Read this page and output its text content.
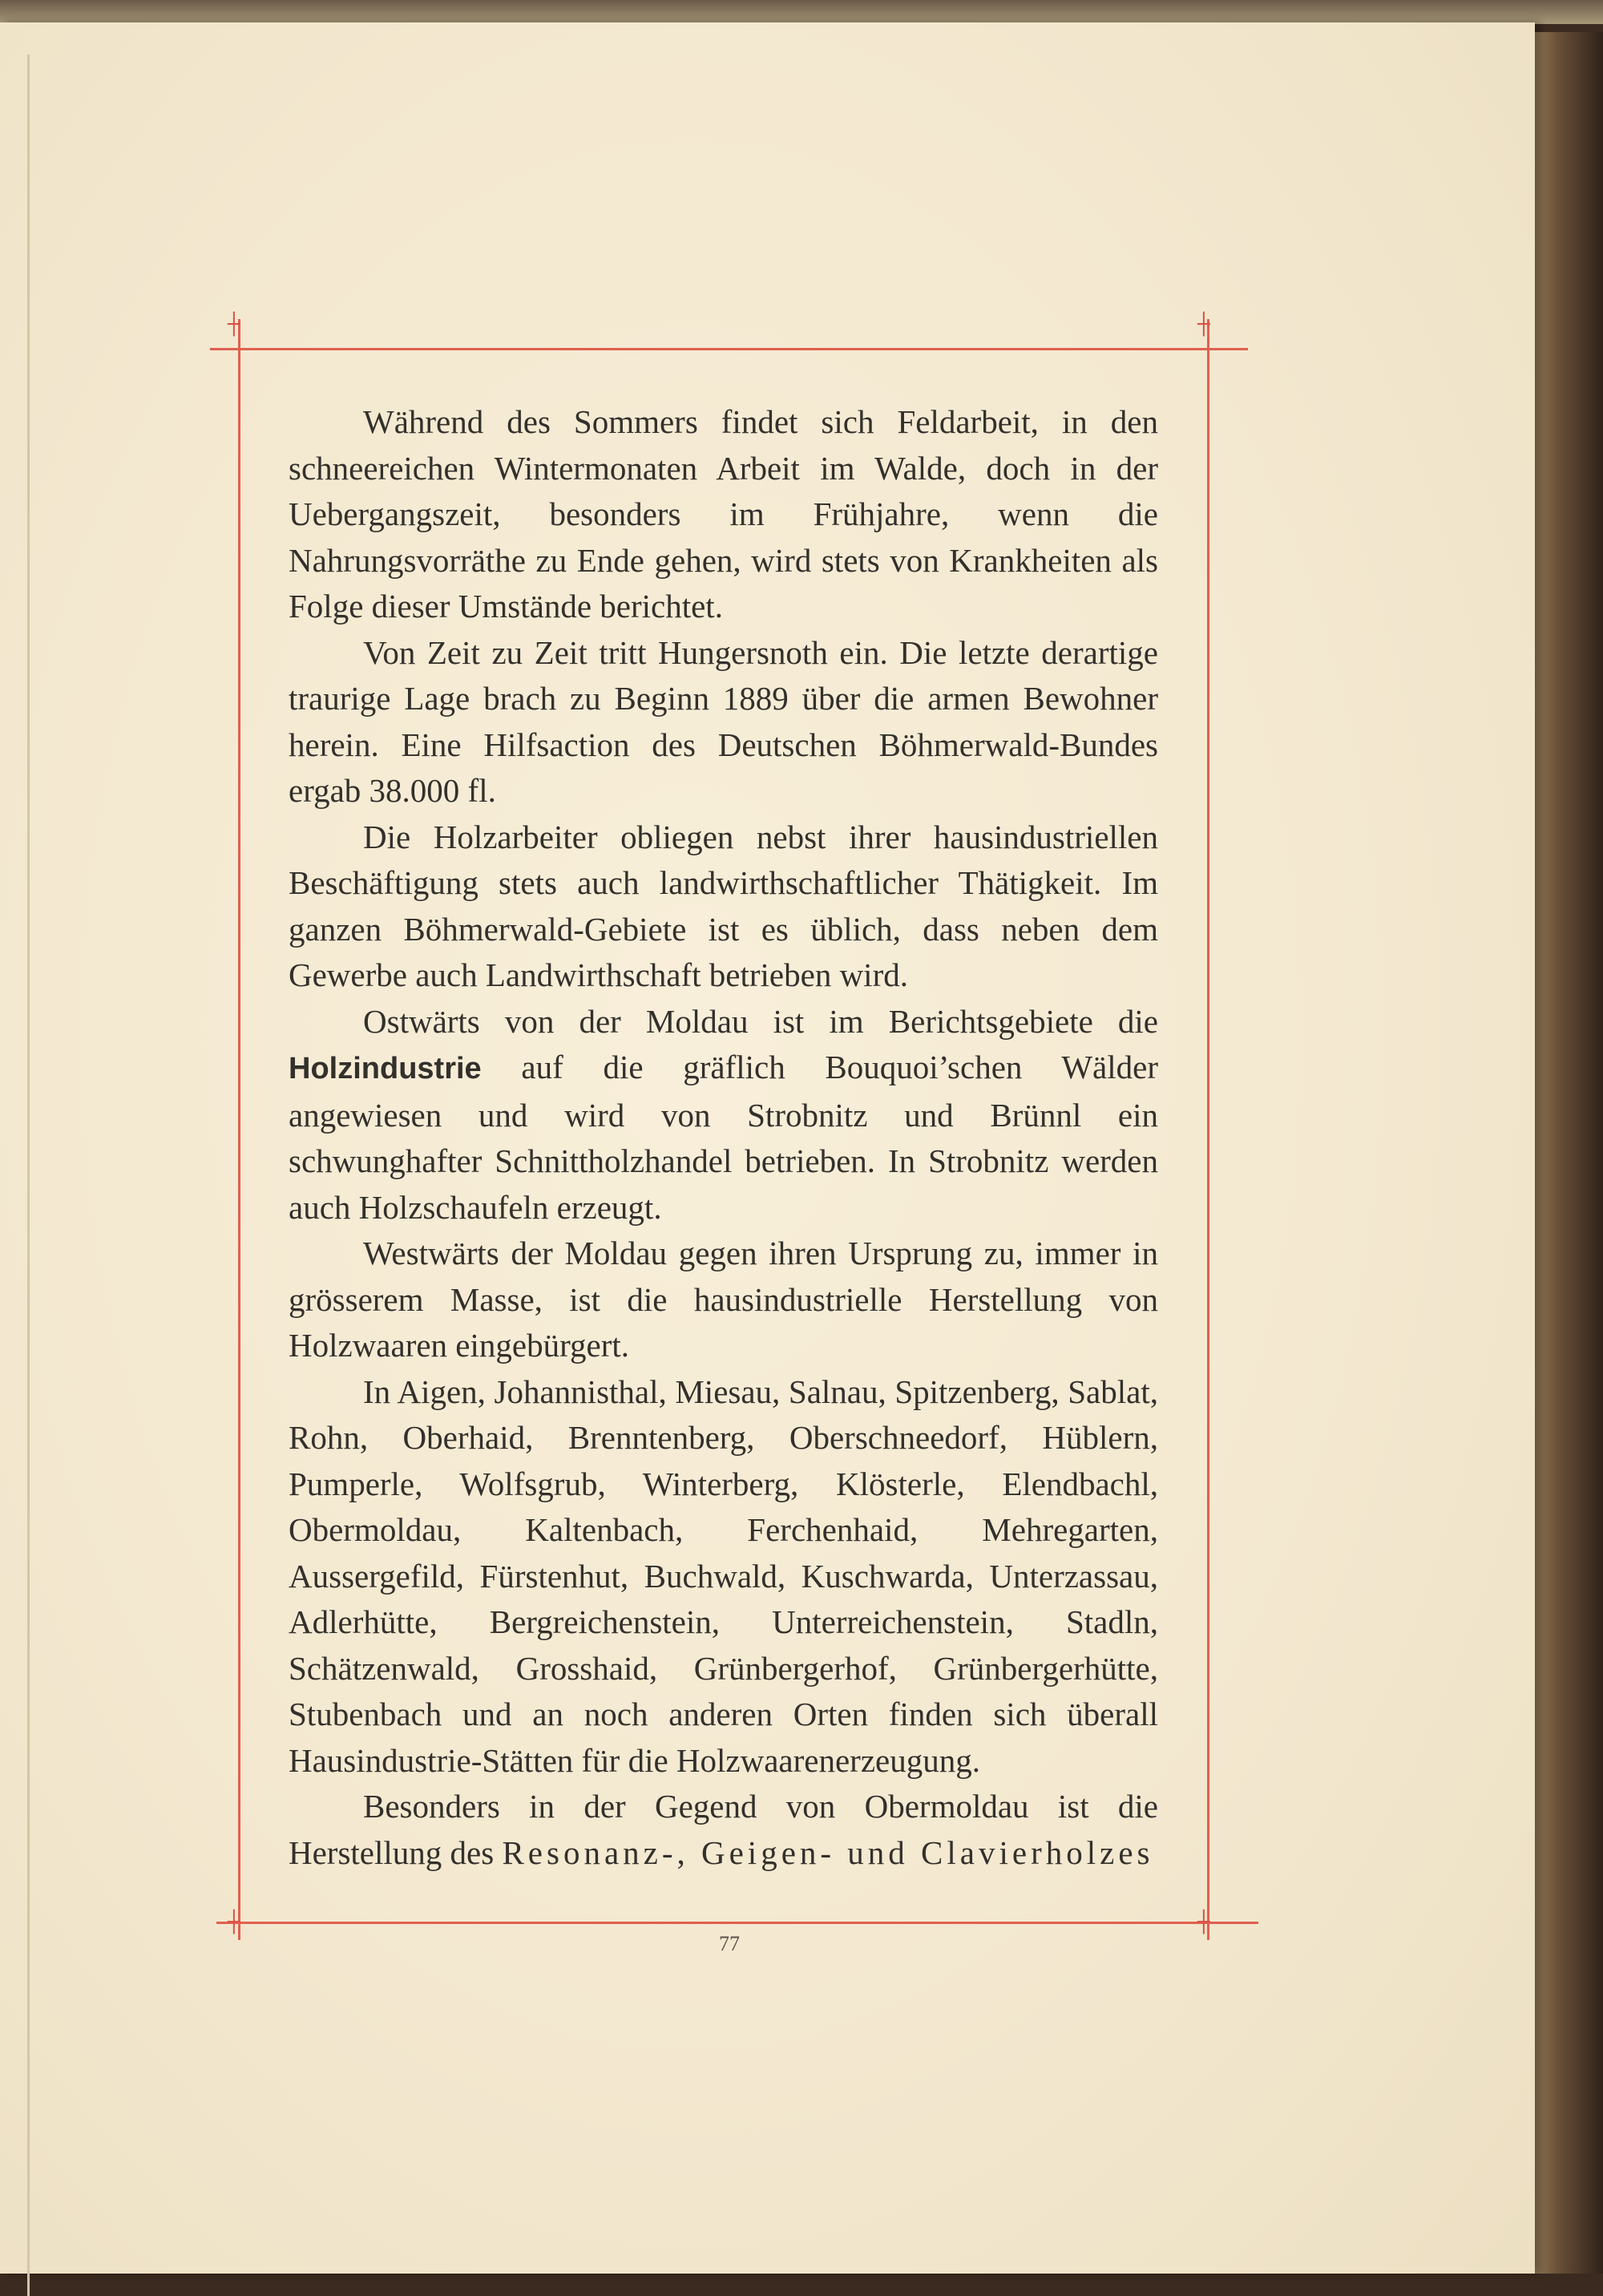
┼	┼
┼	┼

Während des Sommers findet sich Feldarbeit, in den schneereichen Wintermonaten Arbeit im Walde, doch in der Uebergangszeit, besonders im Frühjahre, wenn die Nahrungsvorräthe zu Ende gehen, wird stets von Krankheiten als Folge dieser Umstände berichtet.

Von Zeit zu Zeit tritt Hungersnoth ein. Die letzte derartige traurige Lage brach zu Beginn 1889 über die armen Bewohner herein. Eine Hilfsaction des Deutschen Böhmerwald-Bundes ergab 38.000 fl.

Die Holzarbeiter obliegen nebst ihrer hausindustriellen Beschäftigung stets auch landwirthschaftlicher Thätigkeit. Im ganzen Böhmerwald-Gebiete ist es üblich, dass neben dem Gewerbe auch Landwirthschaft betrieben wird.

Ostwärts von der Moldau ist im Berichtsgebiete die Holzindustrie auf die gräflich Bouquoi’schen Wälder angewiesen und wird von Strobnitz und Brünnl ein schwunghafter Schnittholzhandel betrieben. In Strobnitz werden auch Holzschaufeln erzeugt.

Westwärts der Moldau gegen ihren Ursprung zu, immer in grösserem Masse, ist die hausindustrielle Herstellung von Holzwaaren eingebürgert.

In Aigen, Johannisthal, Miesau, Salnau, Spitzenberg, Sablat, Rohn, Oberhaid, Brenntenberg, Oberschneedorf, Hüblern, Pumperle, Wolfsgrub, Winterberg, Klösterle, Elendbachl, Obermoldau, Kaltenbach, Ferchenhaid, Mehregarten, Aussergefild, Fürstenhut, Buchwald, Kuschwarda, Unterzassau, Adlerhütte, Bergreichenstein, Unterreichenstein, Stadln, Schätzenwald, Grosshaid, Grünbergerhof, Grünbergerhütte, Stubenbach und an noch anderen Orten finden sich überall Hausindustrie-Stätten für die Holzwaarenerzeugung.

Besonders in der Gegend von Obermoldau ist die Herstellung des Resonanz-, Geigen- und Clavierholzes

77
